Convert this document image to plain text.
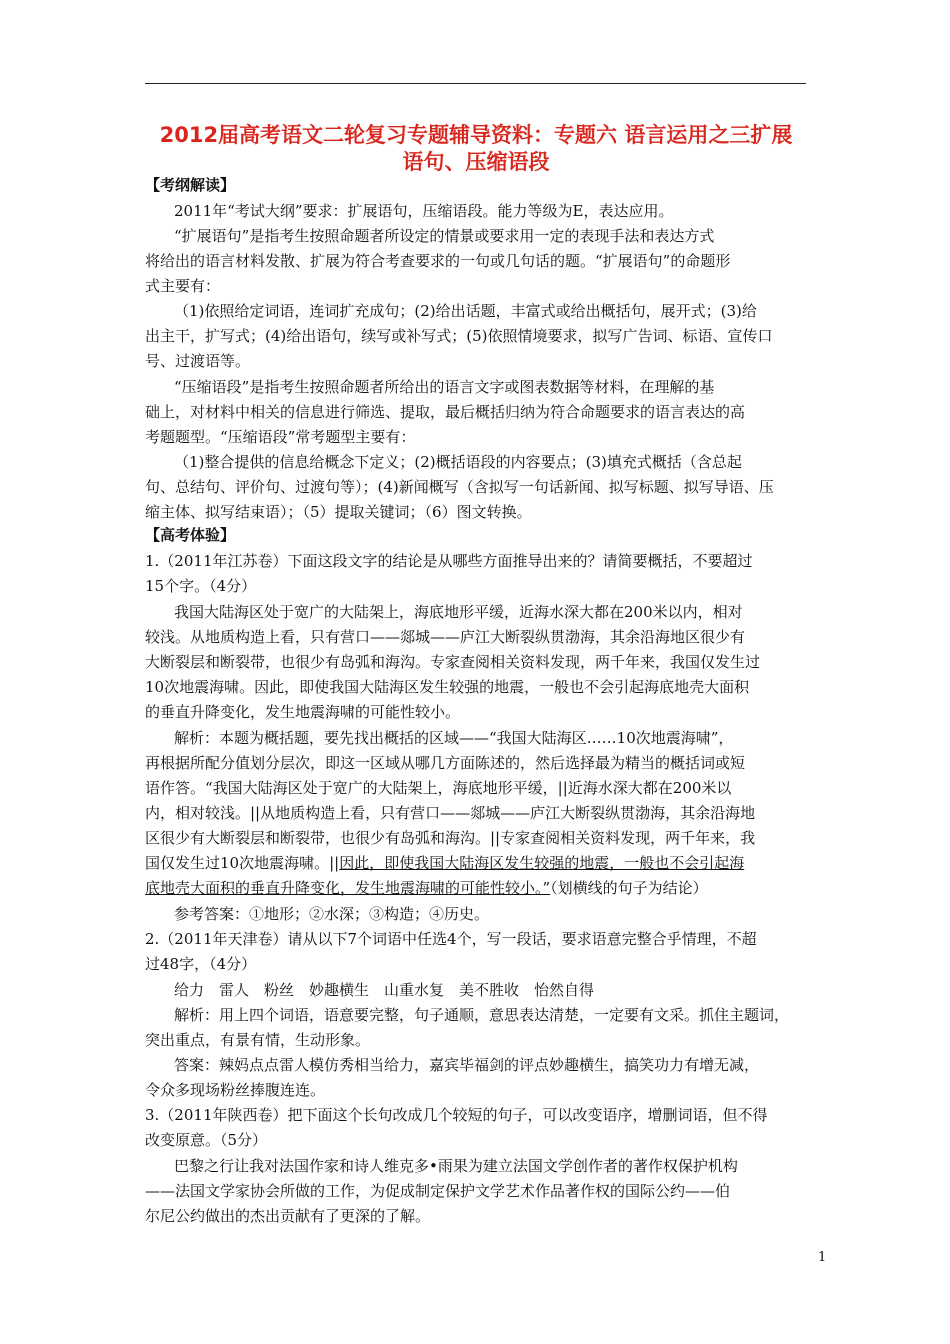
2012届高考语文二轮复习专题辅导资料：专题六 语言运用之三扩展
语句、压缩语段
【考纲解读】
2011年“考试大纲”要求：扩展语句，压缩语段。能力等级为E，表达应用。
“扩展语句”是指考生按照命题者所设定的情景或要求用一定的表现手法和表达方式
将给出的语言材料发散、扩展为符合考查要求的一句或几句话的题。“扩展语句”的命题形
式主要有：
（1)依照给定词语，连词扩充成句；(2)给出话题，丰富式或给出概括句，展开式；(3)给
出主干，扩写式；(4)给出语句，续写或补写式；(5)依照情境要求，拟写广告词、标语、宣传口
号、过渡语等。
“压缩语段”是指考生按照命题者所给出的语言文字或图表数据等材料，在理解的基
础上，对材料中相关的信息进行筛选、提取，最后概括归纳为符合命题要求的语言表达的高
考题题型。“压缩语段”常考题型主要有：
（1)整合提供的信息给概念下定义；(2)概括语段的内容要点；(3)填充式概括（含总起
句、总结句、评价句、过渡句等）；(4)新闻概写（含拟写一句话新闻、拟写标题、拟写导语、压
缩主体、拟写结束语）；（5）提取关键词；（6）图文转换。
【高考体验】
1.（2011年江苏卷）下面这段文字的结论是从哪些方面推导出来的？请简要概括，不要超过
15个字。（4分）
我国大陆海区处于宽广的大陆架上，海底地形平缓，近海水深大都在200米以内，相对
较浅。从地质构造上看，只有营口——郯城——庐江大断裂纵贯渤海，其余沿海地区很少有
大断裂层和断裂带，也很少有岛弧和海沟。专家查阅相关资料发现，两千年来，我国仅发生过
10次地震海啸。因此，即使我国大陆海区发生较强的地震，一般也不会引起海底地壳大面积
的垂直升降变化，发生地震海啸的可能性较小。
解析：本题为概括题，要先找出概括的区域——“我国大陆海区……10次地震海啸”，
再根据所配分值划分层次，即这一区域从哪几方面陈述的，然后选择最为精当的概括词或短
语作答。“我国大陆海区处于宽广的大陆架上，海底地形平缓，||近海水深大都在200米以
内，相对较浅。||从地质构造上看，只有营口——郯城——庐江大断裂纵贯渤海，其余沿海地
区很少有大断裂层和断裂带，也很少有岛弧和海沟。||专家查阅相关资料发现，两千年来，我
国仅发生过10次地震海啸。||因此，即使我国大陆海区发生较强的地震，一般也不会引起海
底地壳大面积的垂直升降变化，发生地震海啸的可能性较小。”（划横线的句子为结论）
参考答案：①地形；②水深；③构造；④历史。
2.（2011年天津卷）请从以下7个词语中任选4个，写一段话，要求语意完整合乎情理，不超
过48字，（4分）
给力　雷人　粉丝　妙趣横生　山重水复　美不胜收　怡然自得
解析：用上四个词语，语意要完整，句子通顺，意思表达清楚，一定要有文采。抓住主题词，
突出重点，有景有情，生动形象。
答案：辣妈点点雷人模仿秀相当给力，嘉宾毕福剑的评点妙趣横生，搞笑功力有增无减，
令众多现场粉丝捧腹连连。
3.（2011年陕西卷）把下面这个长句改成几个较短的句子，可以改变语序，增删词语，但不得
改变原意。（5分）
巴黎之行让我对法国作家和诗人维克多•雨果为建立法国文学创作者的著作权保护机构
——法国文学家协会所做的工作，为促成制定保护文学艺术作品著作权的国际公约——伯
尔尼公约做出的杰出贡献有了更深的了解。
1
